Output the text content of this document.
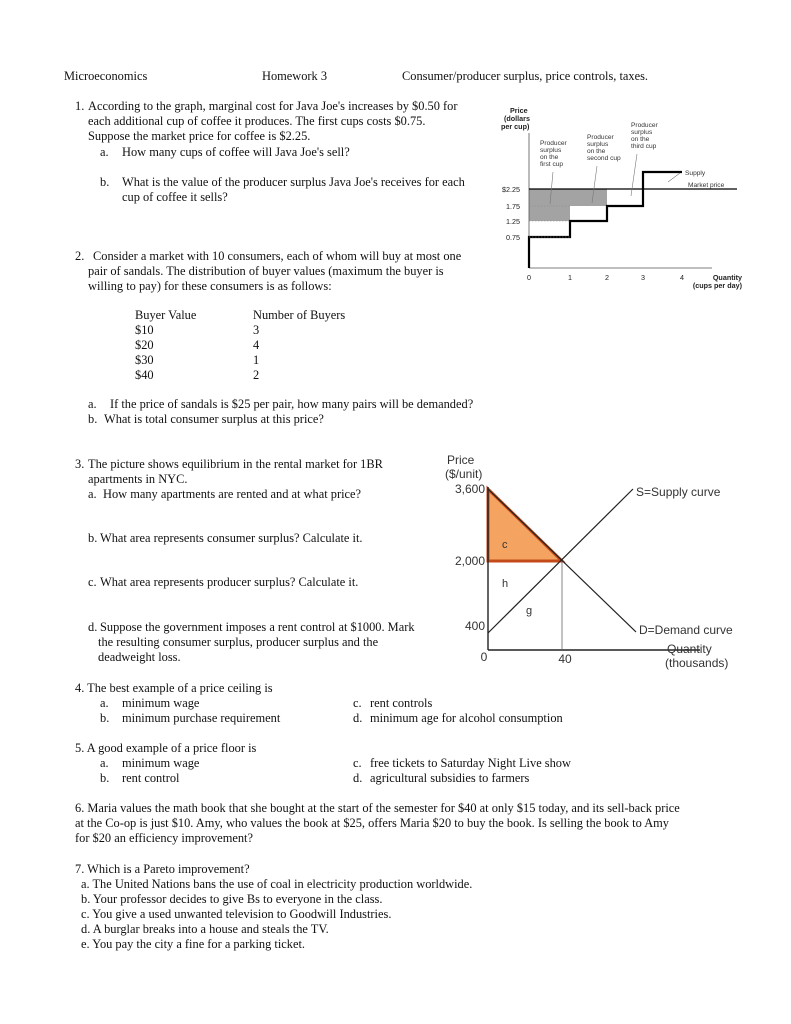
Microeconomics	Homework 3	Consumer/producer surplus, price controls, taxes.
1. According to the graph, marginal cost for Java Joe's increases by $0.50 for
each additional cup of coffee it produces. The first cups costs $0.75.
Suppose the market price for coffee is $2.25.
a. How many cups of coffee will Java Joe's sell?
b. What is the value of the producer surplus Java Joe's receives for each
cup of coffee it sells?
Price
(dollars
per cup)
$2.25
1.75
1.25
0.75
0	1	2	3	4	Quantity
(cups per day)
Producer
surplus
on the
first cup
Producer
surplus
on the
second cup
Producer
surplus
on the
third cup
Supply
Market price
2. Consider a market with 10 consumers, each of whom will buy at most one
pair of sandals. The distribution of buyer values (maximum the buyer is
willing to pay) for these consumers is as follows:
Buyer Value	Number of Buyers
$10	3
$20	4
$30	1
$40	2
a. If the price of sandals is $25 per pair, how many pairs will be demanded?
b. What is total consumer surplus at this price?
3. The picture shows equilibrium in the rental market for 1BR
apartments in NYC.
a. How many apartments are rented and at what price?
b. What area represents consumer surplus? Calculate it.
c. What area represents producer surplus? Calculate it.
d. Suppose the government imposes a rent control at $1000. Mark
the resulting consumer surplus, producer surplus and the
deadweight loss.
Price
($/unit)
3,600
2,000
400
0	40
c
h
g
S=Supply curve
D=Demand curve
Quantity
(thousands)
4. The best example of a price ceiling is
a. minimum wage
b. minimum purchase requirement
c. rent controls
d. minimum age for alcohol consumption
5. A good example of a price floor is
a. minimum wage
b. rent control
c. free tickets to Saturday Night Live show
d. agricultural subsidies to farmers
6. Maria values the math book that she bought at the start of the semester for $40 at only $15 today, and its sell-back price
at the Co-op is just $10. Amy, who values the book at $25, offers Maria $20 to buy the book. Is selling the book to Amy
for $20 an efficiency improvement?
7. Which is a Pareto improvement?
a. The United Nations bans the use of coal in electricity production worldwide.
b. Your professor decides to give Bs to everyone in the class.
c. You give a used unwanted television to Goodwill Industries.
d. A burglar breaks into a house and steals the TV.
e. You pay the city a fine for a parking ticket.
